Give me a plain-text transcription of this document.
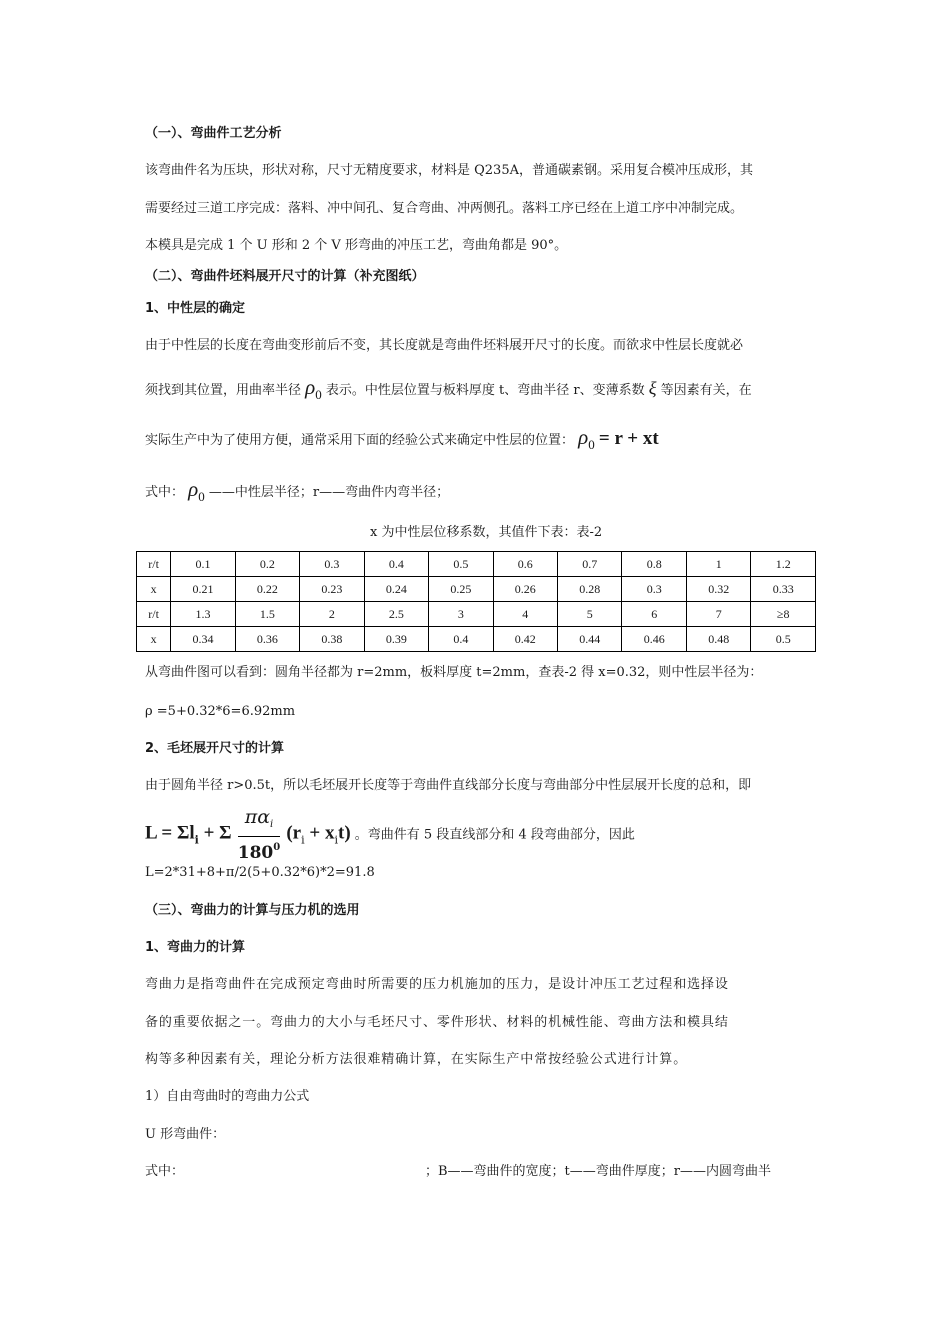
（一）、弯曲件工艺分析
该弯曲件名为压块，形状对称，尺寸无精度要求，材料是 Q235A，普通碳素钢。采用复合模冲压成形，其
需要经过三道工序完成：落料、冲中间孔、复合弯曲、冲两侧孔。落料工序已经在上道工序中冲制完成。
本模具是完成 1 个 U 形和 2 个 V 形弯曲的冲压工艺，弯曲角都是 90°。
（二）、弯曲件坯料展开尺寸的计算（补充图纸）
1、中性层的确定
由于中性层的长度在弯曲变形前后不变，其长度就是弯曲件坯料展开尺寸的长度。而欲求中性层长度就必
须找到其位置，用曲率半径 ρ0 表示。中性层位置与板料厚度 t、弯曲半径 r、变薄系数 ξ 等因素有关，在
实际生产中为了使用方便，通常采用下面的经验公式来确定中性层的位置： ρ0 = r + xt
式中： ρ0 ——中性层半径；r——弯曲件内弯半径；
x 为中性层位移系数，其值件下表：表-2
r/t	0.1	0.2	0.3	0.4	0.5	0.6	0.7	0.8	1	1.2
x	0.21	0.22	0.23	0.24	0.25	0.26	0.28	0.3	0.32	0.33
r/t	1.3	1.5	2	2.5	3	4	5	6	7	≥8
x	0.34	0.36	0.38	0.39	0.4	0.42	0.44	0.46	0.48	0.5
从弯曲件图可以看到：圆角半径都为 r=2mm，板料厚度 t=2mm，查表-2 得 x=0.32，则中性层半径为：
ρ =5+0.32*6=6.92mm
2、毛坯展开尺寸的计算
由于圆角半径 r>0.5t，所以毛坯展开长度等于弯曲件直线部分长度与弯曲部分中性层展开长度的总和，即
$L = \Sigma l_i + \Sigma \frac{\pi\alpha_i}{180^0} (r_i + x_it)$ 。弯曲件有 5 段直线部分和 4 段弯曲部分，因此
L=2*31+8+π/2(5+0.32*6)*2=91.8
（三）、弯曲力的计算与压力机的选用
1、弯曲力的计算
弯曲力是指弯曲件在完成预定弯曲时所需要的压力机施加的压力，是设计冲压工艺过程和选择设
备的重要依据之一。弯曲力的大小与毛坯尺寸、零件形状、材料的机械性能、弯曲方法和模具结
构等多种因素有关，理论分析方法很难精确计算，在实际生产中常按经验公式进行计算。
1）自由弯曲时的弯曲力公式
U 形弯曲件：
式中：	；B——弯曲件的宽度；t——弯曲件厚度；r——内圆弯曲半
